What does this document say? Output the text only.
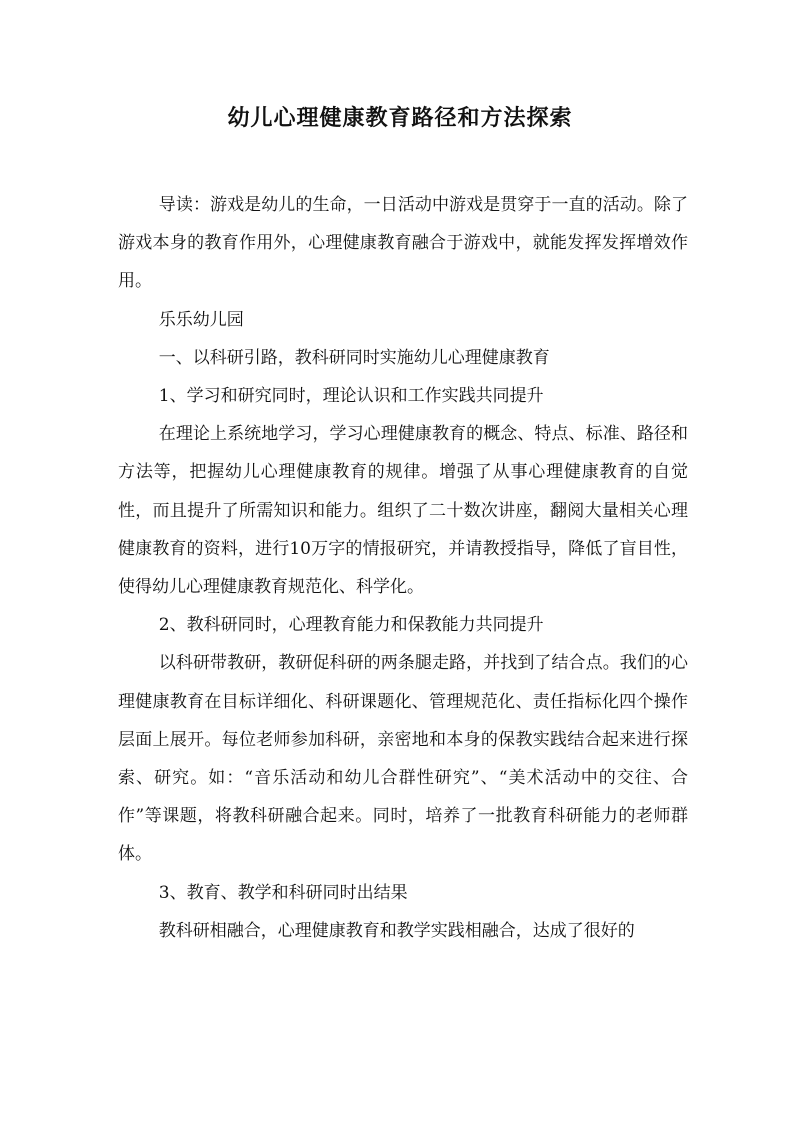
幼儿心理健康教育路径和方法探索

导读：游戏是幼儿的生命，一日活动中游戏是贯穿于一直的活动。除了游戏本身的教育作用外，心理健康教育融合于游戏中，就能发挥发挥增效作用。

乐乐幼儿园

一、以科研引路，教科研同时实施幼儿心理健康教育

1、学习和研究同时，理论认识和工作实践共同提升

在理论上系统地学习，学习心理健康教育的概念、特点、标准、路径和方法等，把握幼儿心理健康教育的规律。增强了从事心理健康教育的自觉性，而且提升了所需知识和能力。组织了二十数次讲座，翻阅大量相关心理健康教育的资料，进行10万字的情报研究，并请教授指导，降低了盲目性，使得幼儿心理健康教育规范化、科学化。

2、教科研同时，心理教育能力和保教能力共同提升

以科研带教研，教研促科研的两条腿走路，并找到了结合点。我们的心理健康教育在目标详细化、科研课题化、管理规范化、责任指标化四个操作层面上展开。每位老师参加科研，亲密地和本身的保教实践结合起来进行探索、研究。如：“音乐活动和幼儿合群性研究”、“美术活动中的交往、合作”等课题，将教科研融合起来。同时，培养了一批教育科研能力的老师群体。

3、教育、教学和科研同时出结果

教科研相融合，心理健康教育和教学实践相融合，达成了很好的
